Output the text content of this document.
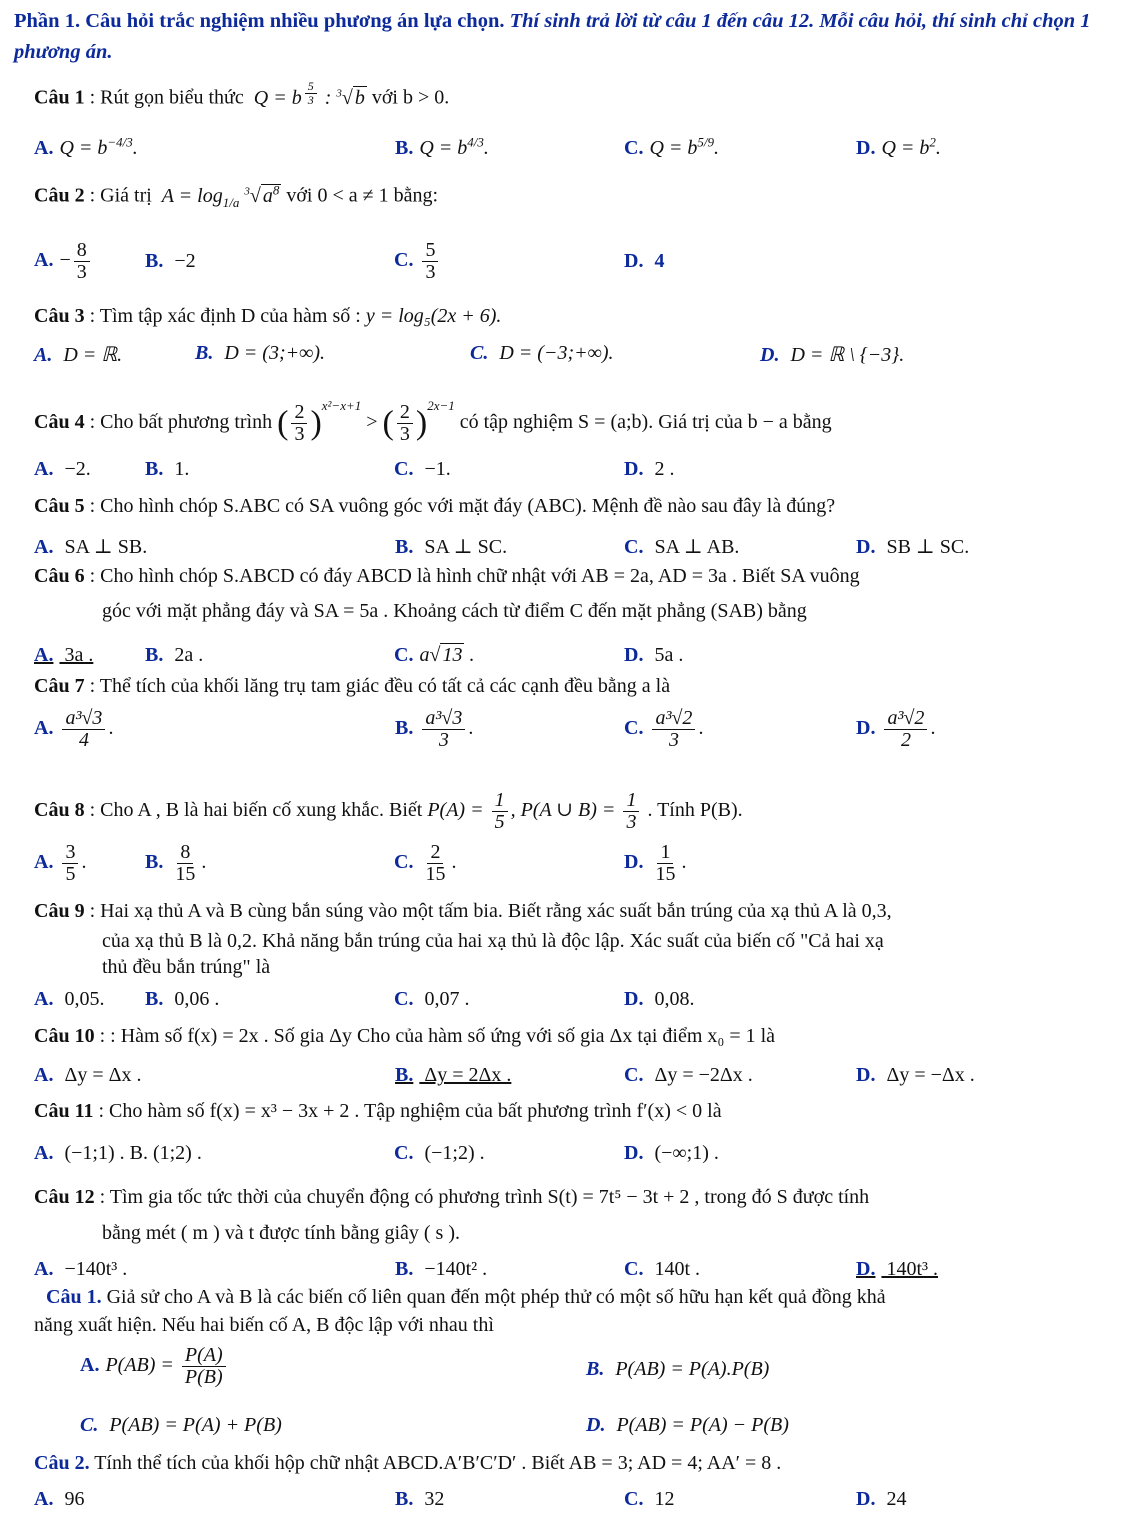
Phần 1. Câu hỏi trắc nghiệm nhiều phương án lựa chọn. Thí sinh trả lời từ câu 1 đến câu 12. Mỗi câu hỏi, thí sinh chỉ chọn 1 phương án.
Câu 1 : Rút gọn biểu thức  Q = b $^{\frac{5}{3}}$ : $^3$√ b với b > 0.
A. $Q = b^{-4/3}$.	B. $Q = b^{4/3}$.	C. $Q = b^{5/9}$.	D. $Q = b^2$.
Câu 2 : Giá trị  $A = \log_{1/a} ^3√$ $a^8$ với 0 < a ≠ 1 bằng:
A. − $\frac{8}{3}$	B. −2	C. $\frac{5}{3}$	D. 4
Câu 3 : Tìm tập xác định D của hàm số : y = log₅(2x + 6).
A. D = ℝ.	B. D = (3;+∞).	C. D = (−3;+∞).	D. D = ℝ \ {−3}.
Câu 4 : Cho bất phương trình ( $\frac{2}{3} )^{x^2-x+1}$ > ( $\frac{2}{3} )^{2x-1}$ có tập nghiệm S = (a;b). Giá trị của b − a bằng
A. −2.	B. 1.	C. −1.	D. 2 .
Câu 5 : Cho hình chóp S.ABC có SA vuông góc với mặt đáy (ABC). Mệnh đề nào sau đây là đúng?
A. SA ⊥ SB.	B. SA ⊥ SC.	C. SA ⊥ AB.	D. SB ⊥ SC.
Câu 6 : Cho hình chóp S.ABCD có đáy ABCD là hình chữ nhật với AB = 2a, AD = 3a . Biết SA vuông
góc với mặt phẳng đáy và SA = 5a . Khoảng cách từ điểm C đến mặt phẳng (SAB) bằng
A. 3a .	B. 2a .	C. a√ 13 .	D. 5a .
Câu 7 : Thể tích của khối lăng trụ tam giác đều có tất cả các cạnh đều bằng a là
A. $\frac{\text{a³√3}}{4}$ .	B. $\frac{\text{a³√3}}{3}$ .	C. $\frac{\text{a³√2}}{3}$ .	D. $\frac{\text{a³√2}}{2}$ .
Câu 8 : Cho A , B là hai biến cố xung khắc. Biết $P(A) = \frac{1}{5}$ , P(A ∪ $B) = \frac{1}{3}$ . Tính P(B).
A. $\frac{3}{5}$ .	B. $\frac{8}{15}$ .	C. $\frac{2}{15}$ .	D. $\frac{1}{15}$ .
Câu 9 : Hai xạ thủ A và B cùng bắn súng vào một tấm bia. Biết rằng xác suất bắn trúng của xạ thủ A là 0,3,
của xạ thủ B là 0,2. Khả năng bắn trúng của hai xạ thủ là độc lập. Xác suất của biến cố "Cả hai xạ
thủ đều bắn trúng" là
A. 0,05. B. 0,06 .	C. 0,07 .	D. 0,08.
Câu 10 : : Hàm số f(x) = 2x . Số gia Δy Cho của hàm số ứng với số gia Δx tại điểm x₀ = 1 là
A. Δy = Δx .	B. Δy = 2Δx .	C. Δy = −2Δx .	D. Δy = −Δx .
Câu 11 : Cho hàm số f(x) = x³ − 3x + 2 . Tập nghiệm của bất phương trình f′(x) < 0 là
A. (−1;1) . B. (1;2) .	C. (−1;2) .	D. (−∞;1) .
Câu 12 : Tìm gia tốc tức thời của chuyển động có phương trình S(t) = 7t⁵ − 3t + 2 , trong đó S được tính
bằng mét ( m ) và t được tính bằng giây ( s ).
A. −140t³ .	B. −140t² .	C. 140t .	D. 140t³ .
Câu 1. Giả sử cho A và B là các biến cố liên quan đến một phép thử có một số hữu hạn kết quả đồng khả
năng xuất hiện. Nếu hai biến cố A, B độc lập với nhau thì
A. $P(AB) = \frac{P(A)}{P(B)}$	B. P(AB) = P(A).P(B)
C. P(AB) = P(A) + P(B)	D. P(AB) = P(A) − P(B)
Câu 2. Tính thể tích của khối hộp chữ nhật ABCD.A′B′C′D′ . Biết AB = 3; AD = 4; AA′ = 8 .
A. 96	B. 32	C. 12	D. 24
